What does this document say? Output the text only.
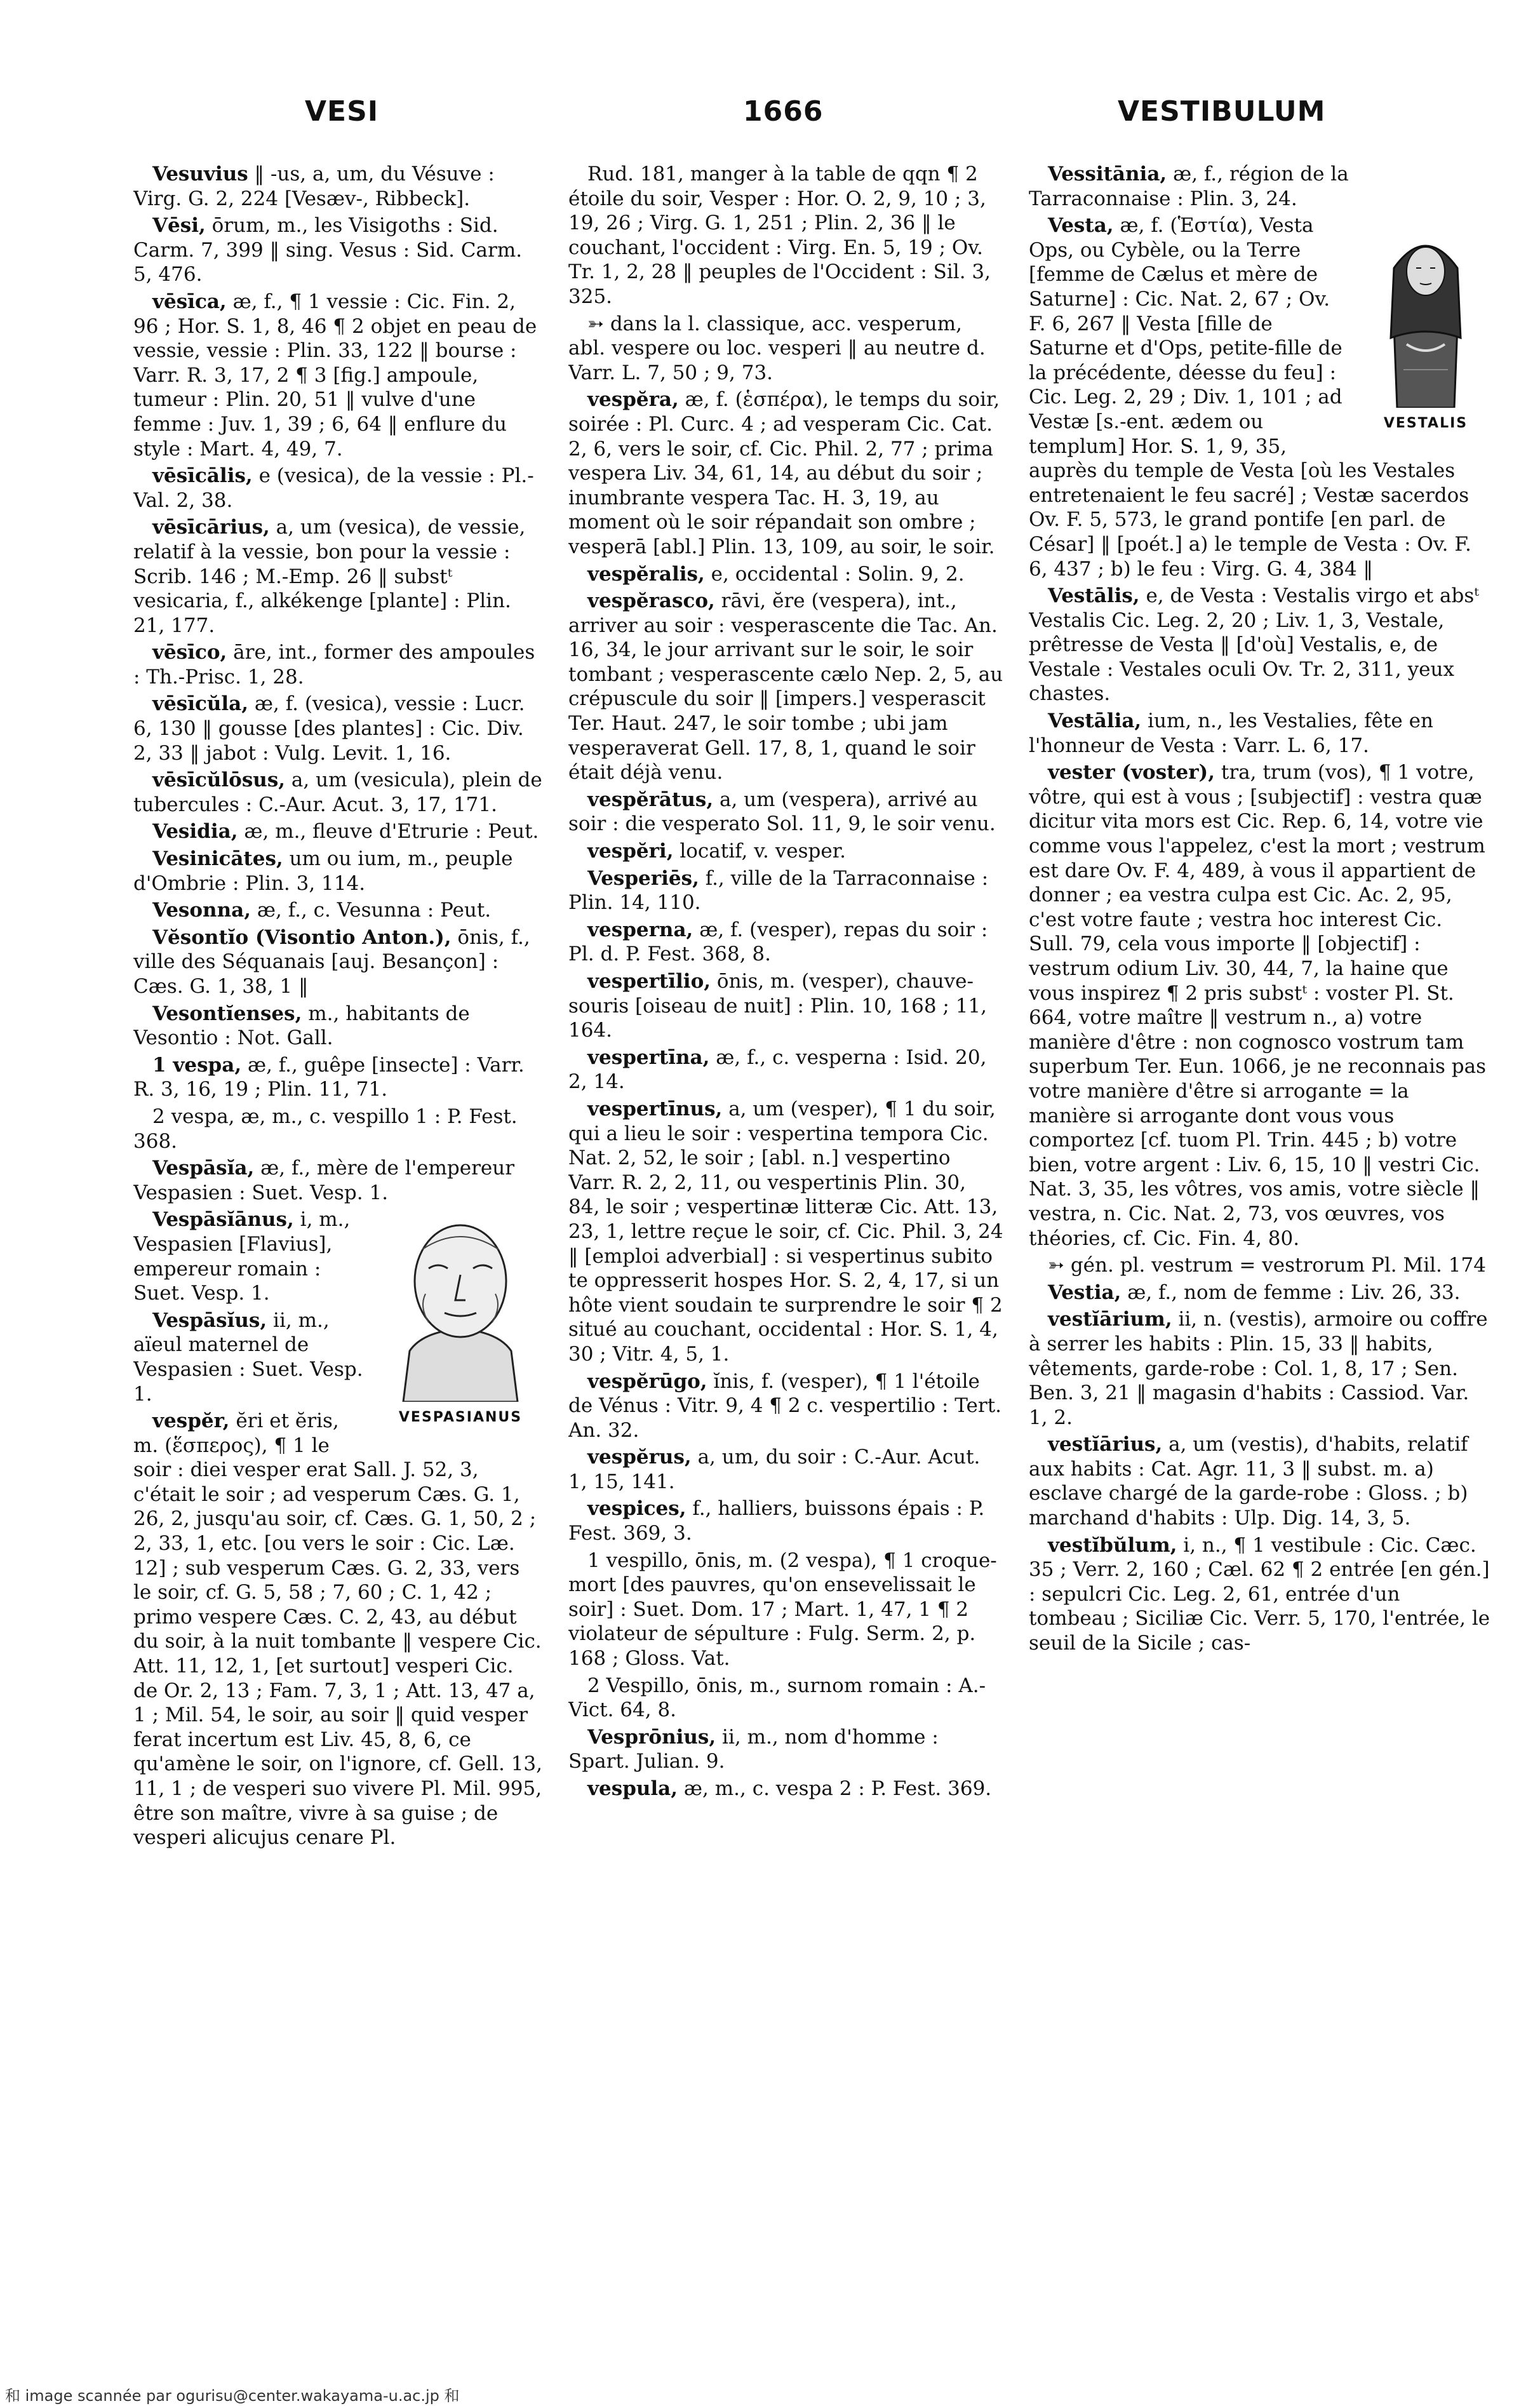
VESI	1666	VESTIBULUM

Vesuvius ‖ -us, a, um, du Vésuve : Virg. G. 2, 224 [Vesæv-, Ribbeck].

Vēsi, ōrum, m., les Visigoths : Sid. Carm. 7, 399 ‖ sing. Vesus : Sid. Carm. 5, 476.

vēsīca, æ, f., ¶ 1 vessie : Cic. Fin. 2, 96 ; Hor. S. 1, 8, 46 ¶ 2 objet en peau de vessie, vessie : Plin. 33, 122 ‖ bourse : Varr. R. 3, 17, 2 ¶ 3 [fig.] ampoule, tumeur : Plin. 20, 51 ‖ vulve d'une femme : Juv. 1, 39 ; 6, 64 ‖ enflure du style : Mart. 4, 49, 7.

vēsīcālis, e (vesica), de la vessie : Pl.-Val. 2, 38.

vēsīcārius, a, um (vesica), de vessie, relatif à la vessie, bon pour la vessie : Scrib. 146 ; M.-Emp. 26 ‖ substᵗ vesicaria, f., alkékenge [plante] : Plin. 21, 177.

vēsīco, āre, int., former des ampoules : Th.-Prisc. 1, 28.

vēsīcŭla, æ, f. (vesica), vessie : Lucr. 6, 130 ‖ gousse [des plantes] : Cic. Div. 2, 33 ‖ jabot : Vulg. Levit. 1, 16.

vēsīcŭlōsus, a, um (vesicula), plein de tubercules : C.-Aur. Acut. 3, 17, 171.

Vesidia, æ, m., fleuve d'Etrurie : Peut.

Vesinicātes, um ou ium, m., peuple d'Ombrie : Plin. 3, 114.

Vesonna, æ, f., c. Vesunna : Peut.

Vĕsontĭo (Visontio Anton.), ōnis, f., ville des Séquanais [auj. Besançon] : Cæs. G. 1, 38, 1 ‖

Vesontĭenses, m., habitants de Vesontio : Not. Gall.

1 vespa, æ, f., guêpe [insecte] : Varr. R. 3, 16, 19 ; Plin. 11, 71.

2 vespa, æ, m., c. vespillo 1 : P. Fest. 368.

Vespāsĭa, æ, f., mère de l'empereur Vespasien : Suet. Vesp. 1.

VESPASIANUS

Vespāsĭānus, i, m., Vespasien [Flavius], empereur romain : Suet. Vesp. 1.

Vespāsĭus, ii, m., aïeul maternel de Vespasien : Suet. Vesp. 1.

vespĕr, ĕri et ĕris, m. (ἕσπερος), ¶ 1 le soir : diei vesper erat Sall. J. 52, 3, c'était le soir ; ad vesperum Cæs. G. 1, 26, 2, jusqu'au soir, cf. Cæs. G. 1, 50, 2 ; 2, 33, 1, etc. [ou vers le soir : Cic. Læ. 12] ; sub vesperum Cæs. G. 2, 33, vers le soir, cf. G. 5, 58 ; 7, 60 ; C. 1, 42 ; primo vespere Cæs. C. 2, 43, au début du soir, à la nuit tombante ‖ vespere Cic. Att. 11, 12, 1, [et surtout] vesperi Cic. de Or. 2, 13 ; Fam. 7, 3, 1 ; Att. 13, 47 a, 1 ; Mil. 54, le soir, au soir ‖ quid vesper ferat incertum est Liv. 45, 8, 6, ce qu'amène le soir, on l'ignore, cf. Gell. 13, 11, 1 ; de vesperi suo vivere Pl. Mil. 995, être son maître, vivre à sa guise ; de vesperi alicujus cenare Pl.

Rud. 181, manger à la table de qqn ¶ 2 étoile du soir, Vesper : Hor. O. 2, 9, 10 ; 3, 19, 26 ; Virg. G. 1, 251 ; Plin. 2, 36 ‖ le couchant, l'occident : Virg. En. 5, 19 ; Ov. Tr. 1, 2, 28 ‖ peuples de l'Occident : Sil. 3, 325.

➳ dans la l. classique, acc. vesperum, abl. vespere ou loc. vesperi ‖ au neutre d. Varr. L. 7, 50 ; 9, 73.

vespĕra, æ, f. (ἑσπέρα), le temps du soir, soirée : Pl. Curc. 4 ; ad vesperam Cic. Cat. 2, 6, vers le soir, cf. Cic. Phil. 2, 77 ; prima vespera Liv. 34, 61, 14, au début du soir ; inumbrante vespera Tac. H. 3, 19, au moment où le soir répandait son ombre ; vesperā [abl.] Plin. 13, 109, au soir, le soir.

vespĕralis, e, occidental : Solin. 9, 2.

vespĕrasco, rāvi, ĕre (vespera), int., arriver au soir : vesperascente die Tac. An. 16, 34, le jour arrivant sur le soir, le soir tombant ; vesperascente cælo Nep. 2, 5, au crépuscule du soir ‖ [impers.] vesperascit Ter. Haut. 247, le soir tombe ; ubi jam vesperaverat Gell. 17, 8, 1, quand le soir était déjà venu.

vespĕrātus, a, um (vespera), arrivé au soir : die vesperato Sol. 11, 9, le soir venu.

vespĕri, locatif, v. vesper.

Vesperiēs, f., ville de la Tarraconnaise : Plin. 14, 110.

vesperna, æ, f. (vesper), repas du soir : Pl. d. P. Fest. 368, 8.

vespertīlio, ōnis, m. (vesper), chauve-souris [oiseau de nuit] : Plin. 10, 168 ; 11, 164.

vespertīna, æ, f., c. vesperna : Isid. 20, 2, 14.

vespertīnus, a, um (vesper), ¶ 1 du soir, qui a lieu le soir : vespertina tempora Cic. Nat. 2, 52, le soir ; [abl. n.] vespertino Varr. R. 2, 2, 11, ou vespertinis Plin. 30, 84, le soir ; vespertinæ litteræ Cic. Att. 13, 23, 1, lettre reçue le soir, cf. Cic. Phil. 3, 24 ‖ [emploi adverbial] : si vespertinus subito te oppresserit hospes Hor. S. 2, 4, 17, si un hôte vient soudain te surprendre le soir ¶ 2 situé au couchant, occidental : Hor. S. 1, 4, 30 ; Vitr. 4, 5, 1.

vespĕrūgo, ĭnis, f. (vesper), ¶ 1 l'étoile de Vénus : Vitr. 9, 4 ¶ 2 c. vespertilio : Tert. An. 32.

vespĕrus, a, um, du soir : C.-Aur. Acut. 1, 15, 141.

vespices, f., halliers, buissons épais : P. Fest. 369, 3.

1 vespillo, ōnis, m. (2 vespa), ¶ 1 croque-mort [des pauvres, qu'on ensevelissait le soir] : Suet. Dom. 17 ; Mart. 1, 47, 1 ¶ 2 violateur de sépulture : Fulg. Serm. 2, p. 168 ; Gloss. Vat.

2 Vespillo, ōnis, m., surnom romain : A.-Vict. 64, 8.

Vesprōnius, ii, m., nom d'homme : Spart. Julian. 9.

vespula, æ, m., c. vespa 2 : P. Fest. 369.

Vessitānia, æ, f., région de la Tarraconnaise : Plin. 3, 24.

VESTALIS

Vesta, æ, f. (Ἑστία), Vesta Ops, ou Cybèle, ou la Terre [femme de Cælus et mère de Saturne] : Cic. Nat. 2, 67 ; Ov. F. 6, 267 ‖ Vesta [fille de Saturne et d'Ops, petite-fille de la précédente, déesse du feu] : Cic. Leg. 2, 29 ; Div. 1, 101 ; ad Vestæ [s.-ent. ædem ou templum] Hor. S. 1, 9, 35, auprès du temple de Vesta [où les Vestales entretenaient le feu sacré] ; Vestæ sacerdos Ov. F. 5, 573, le grand pontife [en parl. de César] ‖ [poét.] a) le temple de Vesta : Ov. F. 6, 437 ; b) le feu : Virg. G. 4, 384 ‖

Vestālis, e, de Vesta : Vestalis virgo et absᵗ Vestalis Cic. Leg. 2, 20 ; Liv. 1, 3, Vestale, prêtresse de Vesta ‖ [d'où] Vestalis, e, de Vestale : Vestales oculi Ov. Tr. 2, 311, yeux chastes.

Vestālia, ium, n., les Vestalies, fête en l'honneur de Vesta : Varr. L. 6, 17.

vester (voster), tra, trum (vos), ¶ 1 votre, vôtre, qui est à vous ; [subjectif] : vestra quæ dicitur vita mors est Cic. Rep. 6, 14, votre vie comme vous l'appelez, c'est la mort ; vestrum est dare Ov. F. 4, 489, à vous il appartient de donner ; ea vestra culpa est Cic. Ac. 2, 95, c'est votre faute ; vestra hoc interest Cic. Sull. 79, cela vous importe ‖ [objectif] : vestrum odium Liv. 30, 44, 7, la haine que vous inspirez ¶ 2 pris substᵗ : voster Pl. St. 664, votre maître ‖ vestrum n., a) votre manière d'être : non cognosco vostrum tam superbum Ter. Eun. 1066, je ne reconnais pas votre manière d'être si arrogante = la manière si arrogante dont vous vous comportez [cf. tuom Pl. Trin. 445 ; b) votre bien, votre argent : Liv. 6, 15, 10 ‖ vestri Cic. Nat. 3, 35, les vôtres, vos amis, votre siècle ‖ vestra, n. Cic. Nat. 2, 73, vos œuvres, vos théories, cf. Cic. Fin. 4, 80.

➳ gén. pl. vestrum = vestrorum Pl. Mil. 174

Vestia, æ, f., nom de femme : Liv. 26, 33.

vestĭārium, ii, n. (vestis), armoire ou coffre à serrer les habits : Plin. 15, 33 ‖ habits, vêtements, garde-robe : Col. 1, 8, 17 ; Sen. Ben. 3, 21 ‖ magasin d'habits : Cassiod. Var. 1, 2.

vestĭārius, a, um (vestis), d'habits, relatif aux habits : Cat. Agr. 11, 3 ‖ subst. m. a) esclave chargé de la garde-robe : Gloss. ; b) marchand d'habits : Ulp. Dig. 14, 3, 5.

vestĭbŭlum, i, n., ¶ 1 vestibule : Cic. Cæc. 35 ; Verr. 2, 160 ; Cæl. 62 ¶ 2 entrée [en gén.] : sepulcri Cic. Leg. 2, 61, entrée d'un tombeau ; Siciliæ Cic. Verr. 5, 170, l'entrée, le seuil de la Sicile ; cas-

和 image scannée par ogurisu@center.wakayama-u.ac.jp 和
